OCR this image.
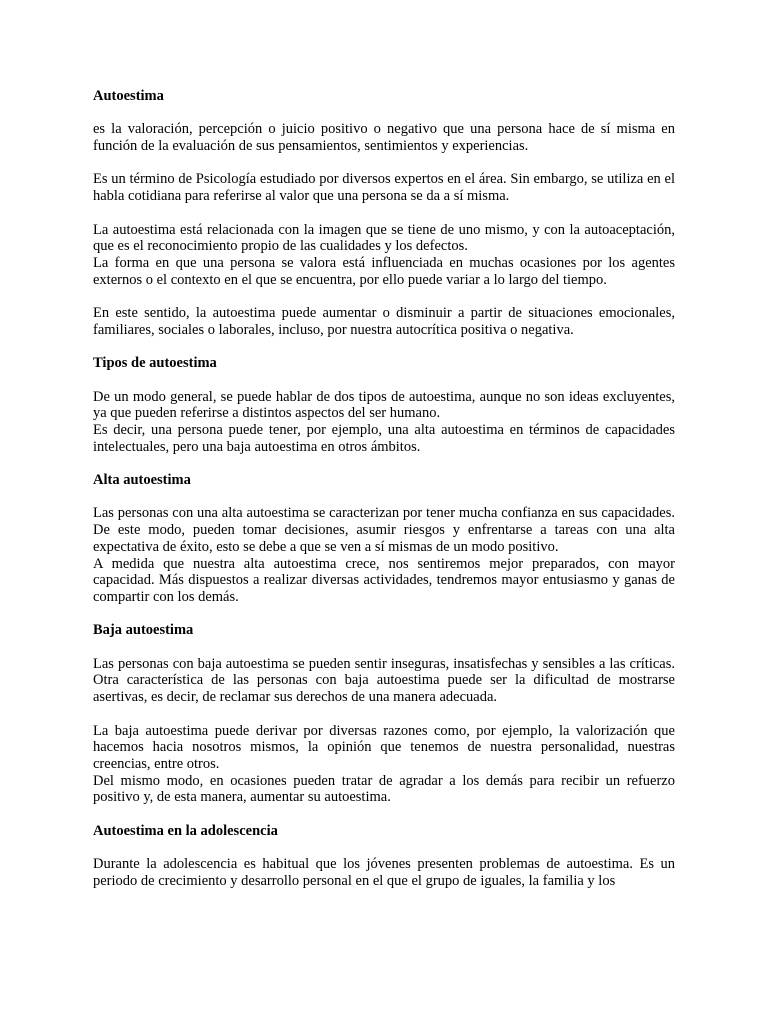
Autoestima

es la valoración, percepción o juicio positivo o negativo que una persona hace de sí misma en función de la evaluación de sus pensamientos, sentimientos y experiencias.

Es un término de Psicología estudiado por diversos expertos en el área. Sin embargo, se utiliza en el habla cotidiana para referirse al valor que una persona se da a sí misma.

La autoestima está relacionada con la imagen que se tiene de uno mismo, y con la autoaceptación, que es el reconocimiento propio de las cualidades y los defectos.

La forma en que una persona se valora está influenciada en muchas ocasiones por los agentes externos o el contexto en el que se encuentra, por ello puede variar a lo largo del tiempo.

En este sentido, la autoestima puede aumentar o disminuir a partir de situaciones emocionales, familiares, sociales o laborales, incluso, por nuestra autocrítica positiva o negativa.

Tipos de autoestima

De un modo general, se puede hablar de dos tipos de autoestima, aunque no son ideas excluyentes, ya que pueden referirse a distintos aspectos del ser humano.

Es decir, una persona puede tener, por ejemplo, una alta autoestima en términos de capacidades intelectuales, pero una baja autoestima en otros ámbitos.

Alta autoestima

Las personas con una alta autoestima se caracterizan por tener mucha confianza en sus capacidades. De este modo, pueden tomar decisiones, asumir riesgos y enfrentarse a tareas con una alta expectativa de éxito, esto se debe a que se ven a sí mismas de un modo positivo.

A medida que nuestra alta autoestima crece, nos sentiremos mejor preparados, con mayor capacidad. Más dispuestos a realizar diversas actividades, tendremos mayor entusiasmo y ganas de compartir con los demás.

Baja autoestima

Las personas con baja autoestima se pueden sentir inseguras, insatisfechas y sensibles a las críticas. Otra característica de las personas con baja autoestima puede ser la dificultad de mostrarse asertivas, es decir, de reclamar sus derechos de una manera adecuada.

La baja autoestima puede derivar por diversas razones como, por ejemplo, la valorización que hacemos hacia nosotros mismos, la opinión que tenemos de nuestra personalidad, nuestras creencias, entre otros.

Del mismo modo, en ocasiones pueden tratar de agradar a los demás para recibir un refuerzo positivo y, de esta manera, aumentar su autoestima.

Autoestima en la adolescencia

Durante la adolescencia es habitual que los jóvenes presenten problemas de autoestima. Es un periodo de crecimiento y desarrollo personal en el que el grupo de iguales, la familia y los
